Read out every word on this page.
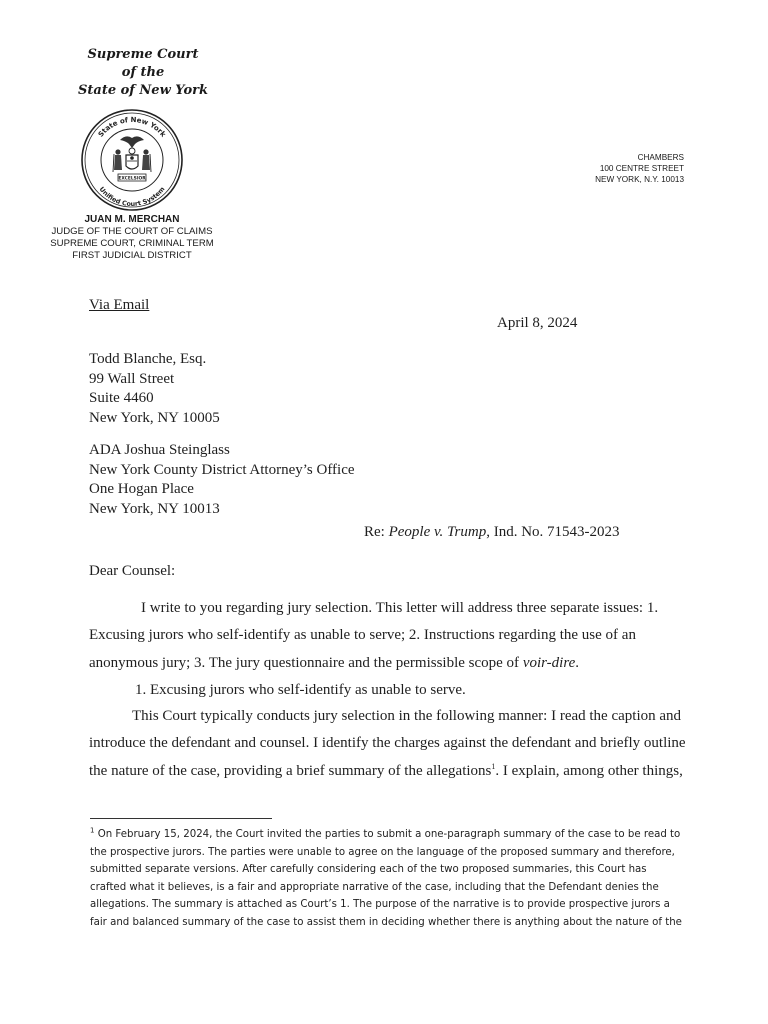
Supreme Court
of the
State of New York
State of New York
Unified Court System
EXCELSIOR
JUAN M. MERCHAN
JUDGE OF THE COURT OF CLAIMS
SUPREME COURT, CRIMINAL TERM
FIRST JUDICIAL DISTRICT
CHAMBERS
100 CENTRE STREET
NEW YORK, N.Y. 10013
Via Email
April 8, 2024
Todd Blanche, Esq.
99 Wall Street
Suite 4460
New York, NY 10005
ADA Joshua Steinglass
New York County District Attorney’s Office
One Hogan Place
New York, NY 10013
Re: People v. Trump, Ind. No. 71543-2023
Dear Counsel:
I write to you regarding jury selection. This letter will address three separate issues: 1.
Excusing jurors who self-identify as unable to serve; 2. Instructions regarding the use of an
anonymous jury; 3. The jury questionnaire and the permissible scope of voir-dire.
1. Excusing jurors who self-identify as unable to serve.
This Court typically conducts jury selection in the following manner: I read the caption and
introduce the defendant and counsel. I identify the charges against the defendant and briefly outline
the nature of the case, providing a brief summary of the allegations$^1$. I explain, among other things,
$^1$ On February 15, 2024, the Court invited the parties to submit a one-paragraph summary of the case to be read to
the prospective jurors. The parties were unable to agree on the language of the proposed summary and therefore,
submitted separate versions. After carefully considering each of the two proposed summaries, this Court has
crafted what it believes, is a fair and appropriate narrative of the case, including that the Defendant denies the
allegations. The summary is attached as Court’s 1. The purpose of the narrative is to provide prospective jurors a
fair and balanced summary of the case to assist them in deciding whether there is anything about the nature of the
